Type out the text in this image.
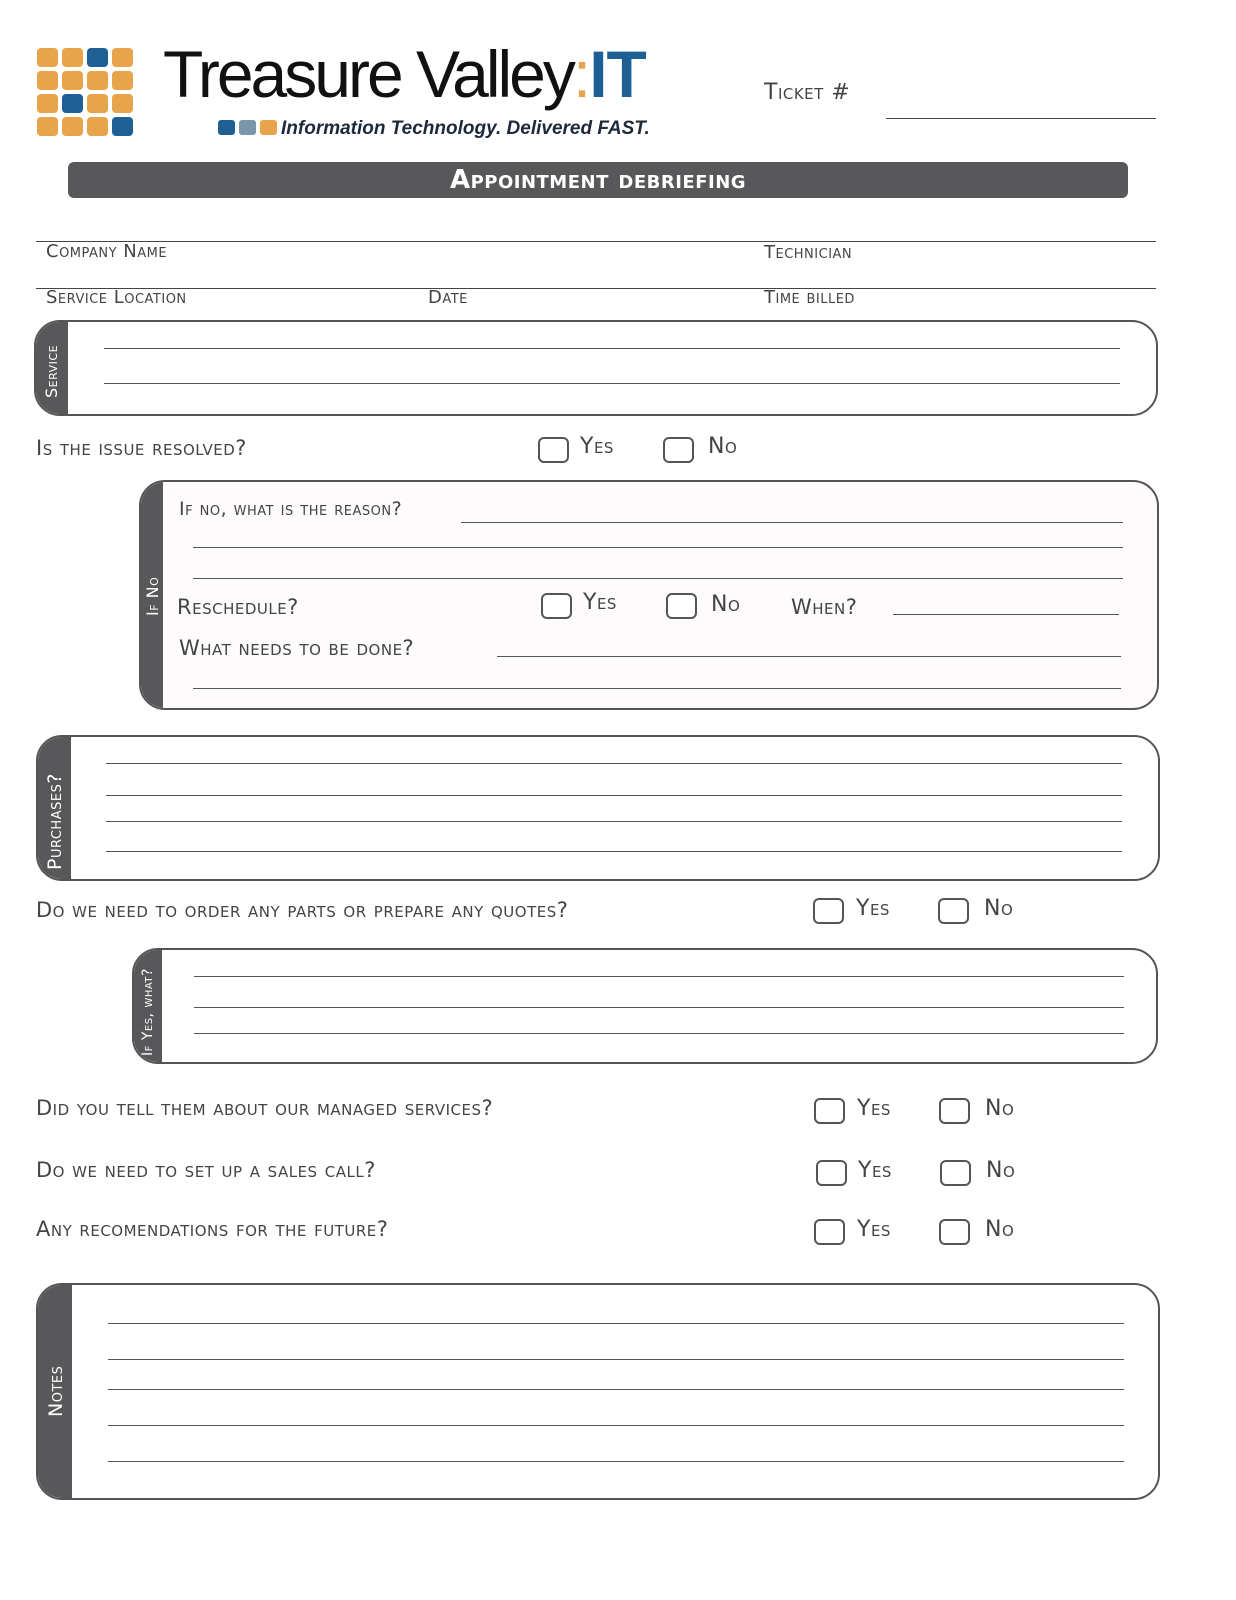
Treasure Valley:IT
Information Technology. Delivered FAST.
Ticket #
Appointment debriefing
Company Name	Technician
Service Location	Date	Time billed
Service
Is the issue resolved?	Yes	No
If No
If no, what is the reason?
Reschedule?	Yes	No When?
What needs to be done?
Purchases?
Do we need to order any parts or prepare any quotes?	Yes	No
If Yes, what?
Did you tell them about our managed services?	Yes	No
Do we need to set up a sales call?	Yes	No
Any recomendations for the future?	Yes	No
Notes
